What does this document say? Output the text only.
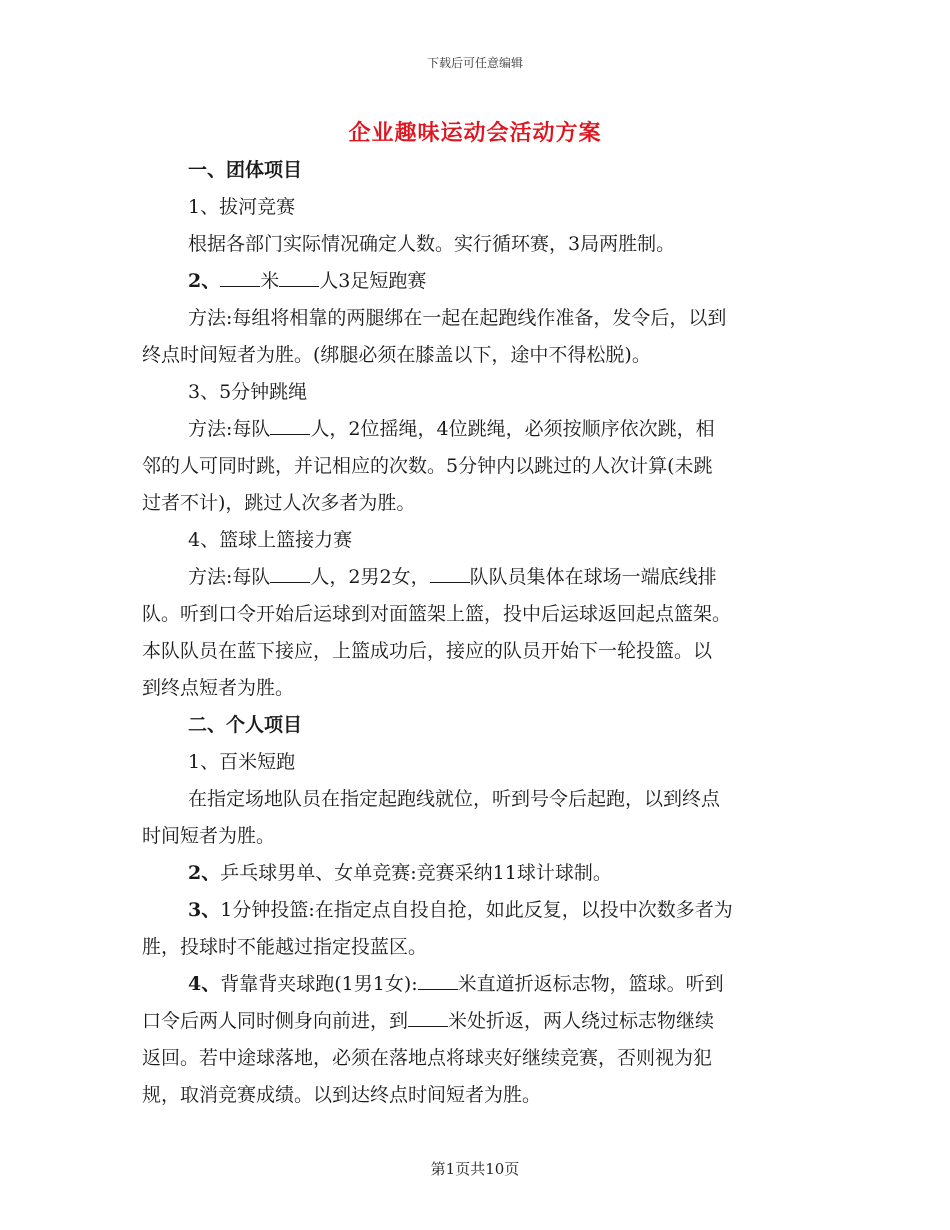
下载后可任意编辑
企业趣味运动会活动方案
一、团体项目
1、拔河竞赛
根据各部门实际情况确定人数。实行循环赛，3局两胜制。
2、 米 人3足短跑赛
方法:每组将相靠的两腿绑在一起在起跑线作准备，发令后，以到
终点时间短者为胜。(绑腿必须在膝盖以下，途中不得松脱)。
3、5分钟跳绳
方法:每队 人，2位摇绳，4位跳绳，必须按顺序依次跳，相
邻的人可同时跳，并记相应的次数。5分钟内以跳过的人次计算(未跳
过者不计)，跳过人次多者为胜。
4、篮球上篮接力赛
方法:每队 人，2男2女， 队队员集体在球场一端底线排
队。听到口令开始后运球到对面篮架上篮，投中后运球返回起点篮架。
本队队员在蓝下接应，上篮成功后，接应的队员开始下一轮投篮。以
到终点短者为胜。
二、个人项目
1、百米短跑
在指定场地队员在指定起跑线就位，听到号令后起跑，以到终点
时间短者为胜。
2、乒乓球男单、女单竞赛:竞赛采纳11球计球制。
3、1分钟投篮:在指定点自投自抢，如此反复，以投中次数多者为
胜，投球时不能越过指定投蓝区。
4、背靠背夹球跑(1男1女): 米直道折返标志物，篮球。听到
口令后两人同时侧身向前进，到 米处折返，两人绕过标志物继续
返回。若中途球落地，必须在落地点将球夹好继续竞赛，否则视为犯
规，取消竞赛成绩。以到达终点时间短者为胜。
第1页共10页
